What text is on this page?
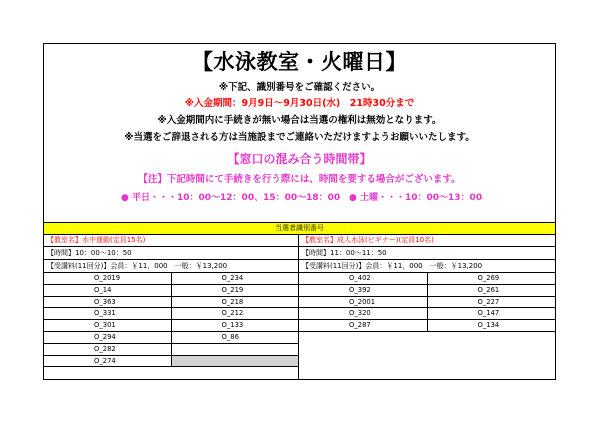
【水泳教室・火曜日】
※下記、識別番号をご確認ください。
※入金期間：9月9日～9月30日(水)　21時30分まで
※入金期間内に手続きが無い場合は当選の権利は無効となります。
※当選をご辞退される方は当施設までご連絡いただけますようお願いいたします。
【窓口の混み合う時間帯】
【注】下記時間にて手続きを行う際には、時間を要する場合がございます。
● 平日・・・10：00～12：00、15：00～18：00 ● 土曜・・・10：00～13：00
当選者識別番号
【教室名】水中運動(定員15名)
【時間】10：00～10：50
【受講料(11回分)】会員：￥11，000　一般：￥13,200
O_2019	O_234
O_14	O_219
O_363	O_218
O_331	O_212
O_301	O_133
O_294	O_86
O_282	
O_274	
【教室名】成人水泳(ビギナー)(定員10名)
【時間】11：00～11：50
【受講料(11回分)】会員：￥11，000　一般：￥13,200
O_402	O_269
O_392	O_261
O_2001	O_227
O_320	O_147
O_287	O_134
